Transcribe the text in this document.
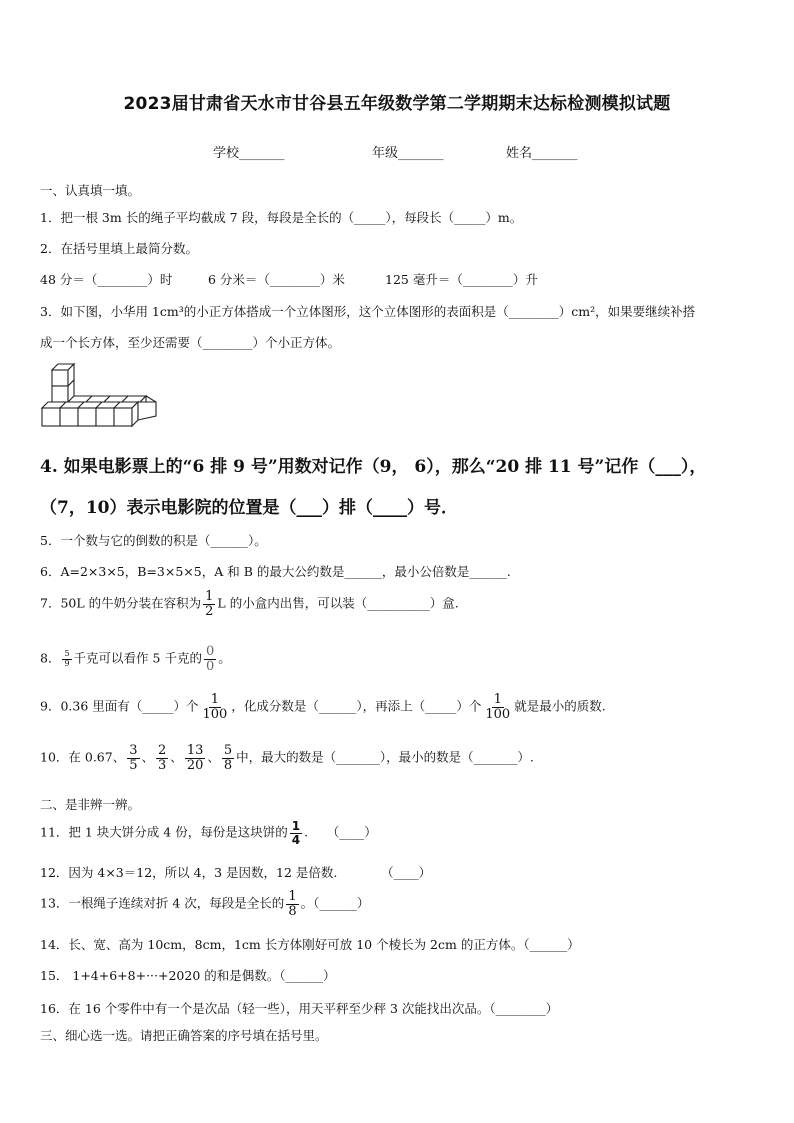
2023届甘肃省天水市甘谷县五年级数学第二学期期末达标检测模拟试题
学校_______	年级_______	姓名_______
一、认真填一填。
1．把一根 3m 长的绳子平均截成 7 段，每段是全长的（_____），每段长（_____）m。
2．在括号里填上最简分数。
48 分＝（________）时	6 分米＝（________）米	125 毫升＝（________）升
3．如下图，小华用 1cm³的小正方体搭成一个立体图形，这个立体图形的表面积是（________）cm²，如果要继续补搭
成一个长方体，至少还需要（________）个小正方体。
4. 如果电影票上的“6 排 9 号”用数对记作（9， 6），那么“20 排 11 号”记作（___），
（7，10）表示电影院的位置是（___）排（____）号．
5．一个数与它的倒数的积是（______）。
6．A=2×3×5，B=3×5×5，A 和 B 的最大公约数是______，最小公倍数是______.
7．50L 的牛奶分装在容积为 $\frac{1}{2}$ L 的小盒内出售，可以装（__________）盒.
8． $\frac{5}{9}$ 千克可以看作 5 千克的 $\frac{0}{0}$ 。
9．0.36 里面有（_____）个 $\frac{1}{100}$ ，化成分数是（______），再添上（_____）个 $\frac{1}{100}$ 就是最小的质数.
10．在 0.67、 $\frac{3}{5}$ 、 $\frac{2}{3}$ 、 $\frac{13}{20}$ 、 $\frac{5}{8}$ 中，最大的数是（_______），最小的数是（_______）.
二、是非辨一辨。
11．把 1 块大饼分成 4 份，每份是这块饼的 $\frac{1}{4}$ .　　（____）
12．因为 4×3＝12，所以 4，3 是因数，12 是倍数.　　　　（____）
13．一根绳子连续对折 4 次，每段是全长的 $\frac{1}{8}$ 。（______）
14．长、宽、高为 10cm，8cm，1cm 长方体刚好可放 10 个棱长为 2cm 的正方体。（______）
15． 1+4+6+8+···+2020 的和是偶数。（______）
16．在 16 个零件中有一个是次品（轻一些），用天平秤至少秤 3 次能找出次品。（________）
三、细心选一选。请把正确答案的序号填在括号里。
